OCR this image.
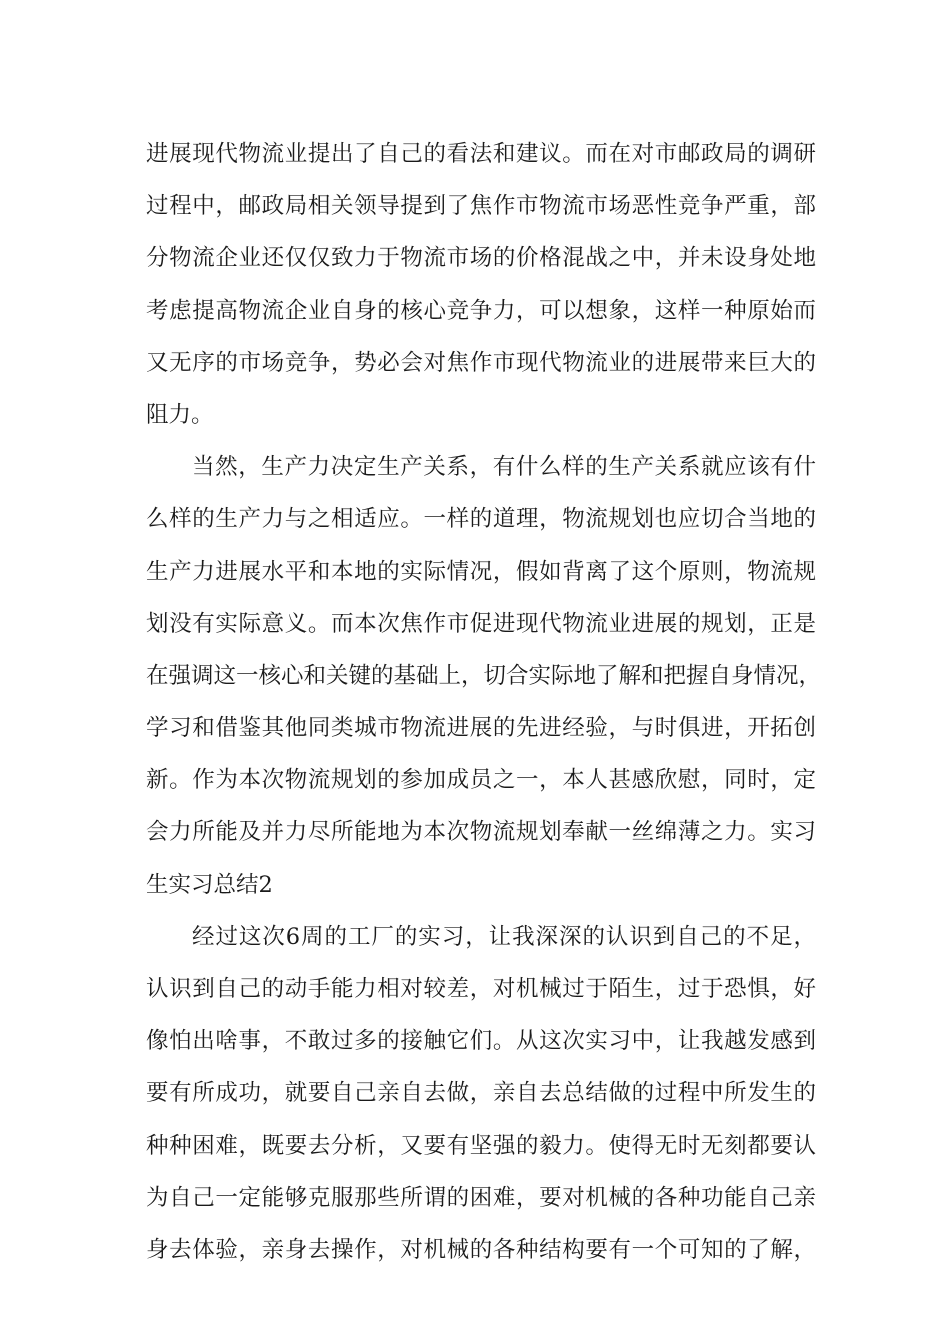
进展现代物流业提出了自己的看法和建议。而在对市邮政局的调研
过程中，邮政局相关领导提到了焦作市物流市场恶性竞争严重，部
分物流企业还仅仅致力于物流市场的价格混战之中，并未设身处地
考虑提高物流企业自身的核心竞争力，可以想象，这样一种原始而
又无序的市场竞争，势必会对焦作市现代物流业的进展带来巨大的
阻力。
当然，生产力决定生产关系，有什么样的生产关系就应该有什
么样的生产力与之相适应。一样的道理，物流规划也应切合当地的
生产力进展水平和本地的实际情况，假如背离了这个原则，物流规
划没有实际意义。而本次焦作市促进现代物流业进展的规划，正是
在强调这一核心和关键的基础上，切合实际地了解和把握自身情况，
学习和借鉴其他同类城市物流进展的先进经验，与时俱进，开拓创
新。作为本次物流规划的参加成员之一，本人甚感欣慰，同时，定
会力所能及并力尽所能地为本次物流规划奉献一丝绵薄之力。实习
生实习总结2
经过这次6周的工厂的实习，让我深深的认识到自己的不足，
认识到自己的动手能力相对较差，对机械过于陌生，过于恐惧，好
像怕出啥事，不敢过多的接触它们。从这次实习中，让我越发感到
要有所成功，就要自己亲自去做，亲自去总结做的过程中所发生的
种种困难，既要去分析，又要有坚强的毅力。使得无时无刻都要认
为自己一定能够克服那些所谓的困难，要对机械的各种功能自己亲
身去体验，亲身去操作，对机械的各种结构要有一个可知的了解，
